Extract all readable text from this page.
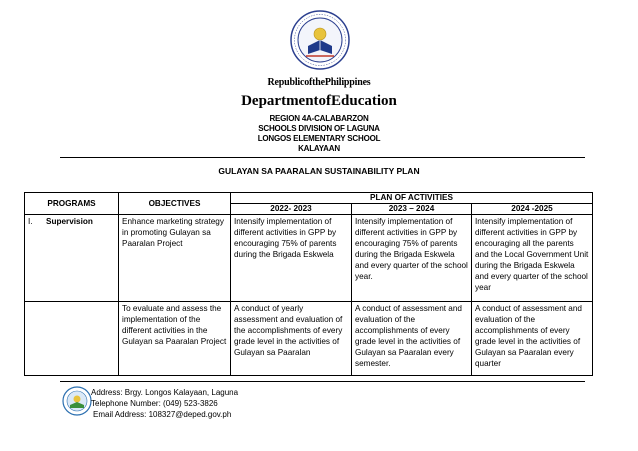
RepublicofthePhilippines
DepartmentofEducation
REGION 4A-CALABARZON
SCHOOLS DIVISION OF LAGUNA
LONGOS ELEMENTARY SCHOOL
KALAYAAN
GULAYAN SA PAARALAN SUSTAINABILITY PLAN
PROGRAMS	OBJECTIVES	PLAN OF ACTIVITIES		
		2022- 2023	2023 – 2024	2024 -2025

I. Supervision	Enhance marketing strategy in promoting Gulayan sa Paaralan Project	Intensify implementation of different activities in GPP by encouraging 75% of parents during the Brigada Eskwela	Intensify implementation of different activities in GPP by encouraging 75% of parents during the Brigada Eskwela and every quarter of the school year.	Intensify implementation of different activities in GPP by encouraging all the parents and the Local Government Unit during the Brigada Eskwela and every quarter of the school year

	To evaluate and assess the implementation of the different activities in the Gulayan sa Paaralan Project	A conduct of yearly assessment and evaluation of the accomplishments of every grade level in the activities of Gulayan sa Paaralan	A conduct of assessment and evaluation of the accomplishments of every grade level in the activities of Gulayan sa Paaralan every semester.	A conduct of assessment and evaluation of the accomplishments of every grade level in the activities of Gulayan sa Paaralan every quarter
Address: Brgy. Longos Kalayaan, Laguna
Telephone Number: (049) 523-3826
Email Address: 108327@deped.gov.ph
